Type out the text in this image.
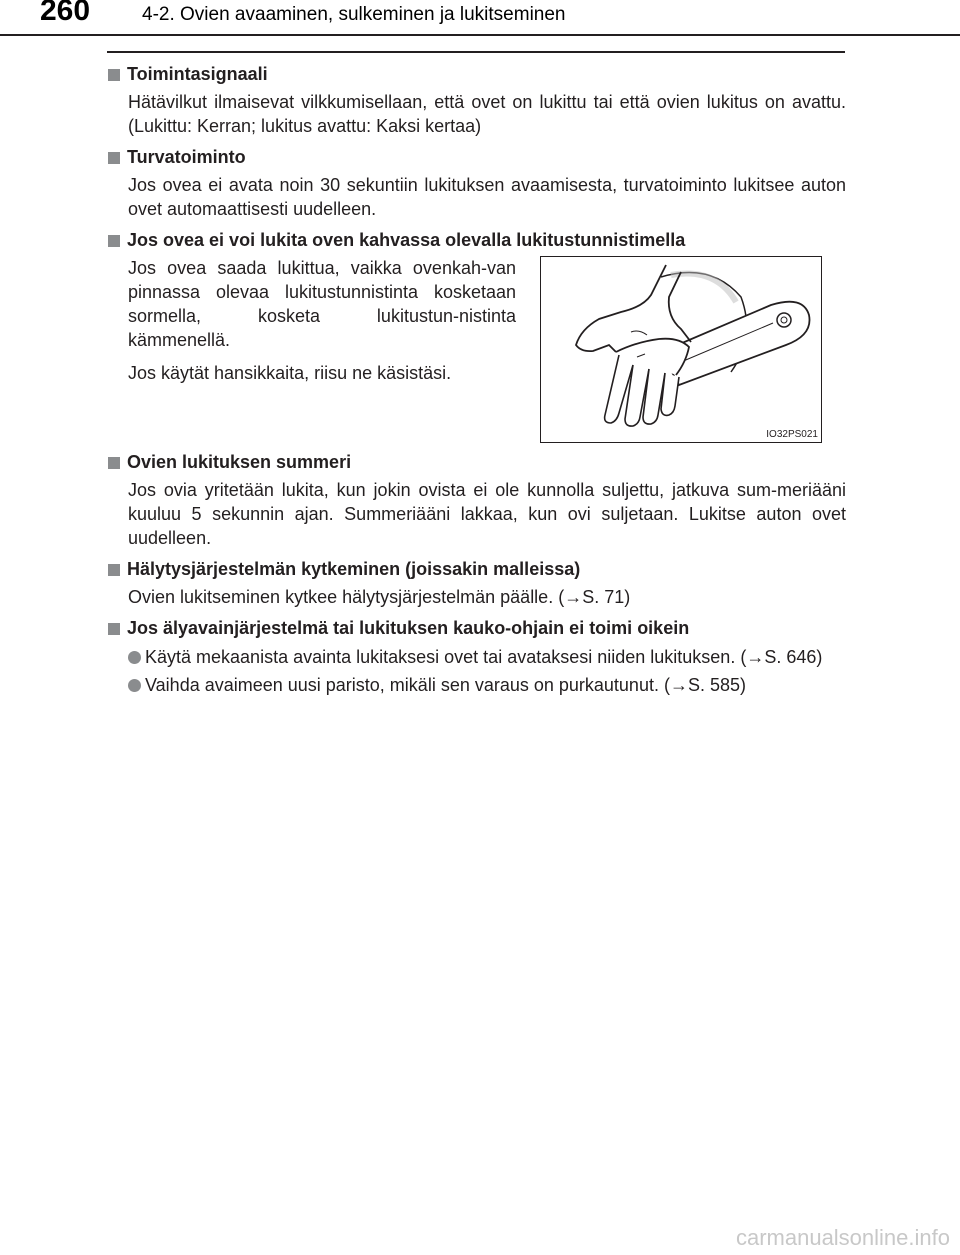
260	4-2. Ovien avaaminen, sulkeminen ja lukitseminen
Toimintasignaali

Hätävilkut ilmaisevat vilkkumisellaan, että ovet on lukittu tai että ovien lukitus on avattu. (Lukittu: Kerran; lukitus avattu: Kaksi kertaa)

Turvatoiminto

Jos ovea ei avata noin 30 sekuntiin lukituksen avaamisesta, turvatoiminto lukitsee auton ovet automaattisesti uudelleen.

Jos ovea ei voi lukita oven kahvassa olevalla lukitustunnistimella

Jos ovea saada lukittua, vaikka ovenkah-van pinnassa olevaa lukitustunnistinta kosketaan sormella, kosketa lukitustun-nistinta kämmenellä.

Jos käytät hansikkaita, riisu ne käsistäsi.

IO32PS021
Ovien lukituksen summeri

Jos ovia yritetään lukita, kun jokin ovista ei ole kunnolla suljettu, jatkuva sum-meriääni kuuluu 5 sekunnin ajan. Summeriääni lakkaa, kun ovi suljetaan. Lukitse auton ovet uudelleen.

Hälytysjärjestelmän kytkeminen (joissakin malleissa)

Ovien lukitseminen kytkee hälytysjärjestelmän päälle. (→S. 71)

Jos älyavainjärjestelmä tai lukituksen kauko-ohjain ei toimi oikein
Käytä mekaanista avainta lukitaksesi ovet tai avataksesi niiden lukituksen. (→S. 646)
Vaihda avaimeen uusi paristo, mikäli sen varaus on purkautunut. (→S. 585)
carmanualsonline.info
